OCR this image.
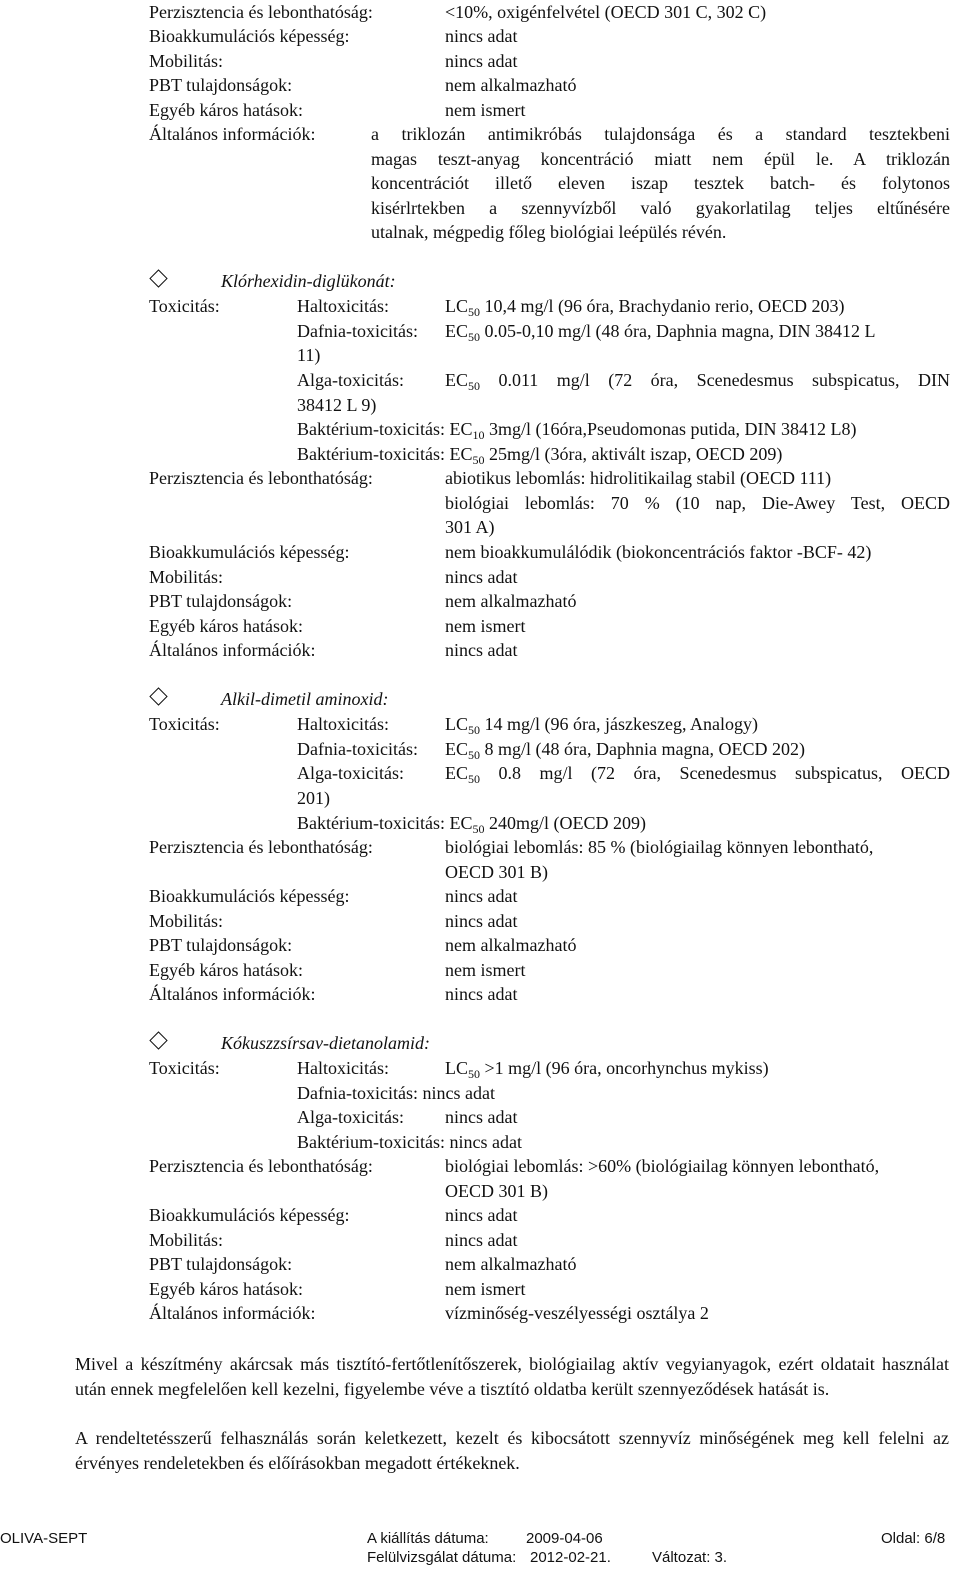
Perzisztencia és lebonthatóság:	<10%, oxigénfelvétel (OECD 301 C, 302 C)
Bioakkumulációs képesség:	nincs adat
Mobilitás:	nincs adat
PBT tulajdonságok:	nem alkalmazható
Egyéb káros hatások:	nem ismert
Általános információk:	a triklozán antimikróbás tulajdonsága és a standard tesztekbeni
magas teszt-anyag koncentráció miatt nem épül le. A triklozán
koncentrációt illető eleven iszap tesztek batch- és folytonos
kisérlrtekben a szennyvízből való gyakorlatilag teljes eltűnésére
utalnak, mégpedig főleg biológiai leépülés révén.
Klórhexidin-diglükonát:
Toxicitás:	Haltoxicitás:	$LC_{50}$ 10,4 mg/l (96 óra, Brachydanio rerio, OECD 203)
Dafnia-toxicitás: $EC_{50}$ 0.05-0,10 mg/l (48 óra, Daphnia magna, DIN 38412 L
11)
Alga-toxicitás: $EC_{50}$ 0.011 mg/l (72 óra, Scenedesmus subspicatus, DIN
38412 L 9)
Baktérium-toxicitás: $EC_{10}$ 3mg/l (16óra,Pseudomonas putida, DIN 38412 L8)
Baktérium-toxicitás: $EC_{50}$ 25mg/l (3óra, aktivált iszap, OECD 209)
Perzisztencia és lebonthatóság:	abiotikus lebomlás: hidrolitikailag stabil (OECD 111)
biológiai lebomlás: 70 % (10 nap, Die-Awey Test, OECD
301 A)
Bioakkumulációs képesség:	nem bioakkumulálódik (biokoncentrációs faktor -BCF- 42)
Mobilitás:	nincs adat
PBT tulajdonságok:	nem alkalmazható
Egyéb káros hatások:	nem ismert
Általános információk:	nincs adat
Alkil-dimetil aminoxid:
Toxicitás:	Haltoxicitás:	$LC_{50}$ 14 mg/l (96 óra, jászkeszeg, Analogy)
Dafnia-toxicitás: $EC_{50}$ 8 mg/l (48 óra, Daphnia magna, OECD 202)
Alga-toxicitás: $EC_{50}$ 0.8 mg/l (72 óra, Scenedesmus subspicatus, OECD
201)
Baktérium-toxicitás: $EC_{50}$ 240mg/l (OECD 209)
Perzisztencia és lebonthatóság:	biológiai lebomlás: 85 % (biológiailag könnyen lebontható,
OECD 301 B)
Bioakkumulációs képesség:	nincs adat
Mobilitás:	nincs adat
PBT tulajdonságok:	nem alkalmazható
Egyéb káros hatások:	nem ismert
Általános információk:	nincs adat
Kókuszzsírsav-dietanolamid:
Toxicitás:	Haltoxicitás:	$LC_{50} >1$ mg/l (96 óra, oncorhynchus mykiss)
Dafnia-toxicitás: nincs adat
Alga-toxicitás: nincs adat
Baktérium-toxicitás: nincs adat
Perzisztencia és lebonthatóság:	biológiai lebomlás: >60% (biológiailag könnyen lebontható,
OECD 301 B)
Bioakkumulációs képesség:	nincs adat
Mobilitás:	nincs adat
PBT tulajdonságok:	nem alkalmazható
Egyéb káros hatások:	nem ismert
Általános információk:	vízminőség-veszélyességi osztálya 2
Mivel a készítmény akárcsak más tisztító-fertőtlenítőszerek, biológiailag aktív vegyianyagok, ezért oldatait használat után ennek megfelelően kell kezelni, figyelembe véve a tisztító oldatba került szennyeződések hatását is.
A rendeltetésszerű felhasználás során keletkezett, kezelt és kibocsátott szennyvíz minőségének meg kell felelni az érvényes rendeletekben és előírásokban megadott értékeknek.
OLIVA-SEPT	A kiállítás dátuma: 2009-04-06	Oldal: 6/8
Felülvizsgálat dátuma: 2012-02-21.	Változat: 3.
